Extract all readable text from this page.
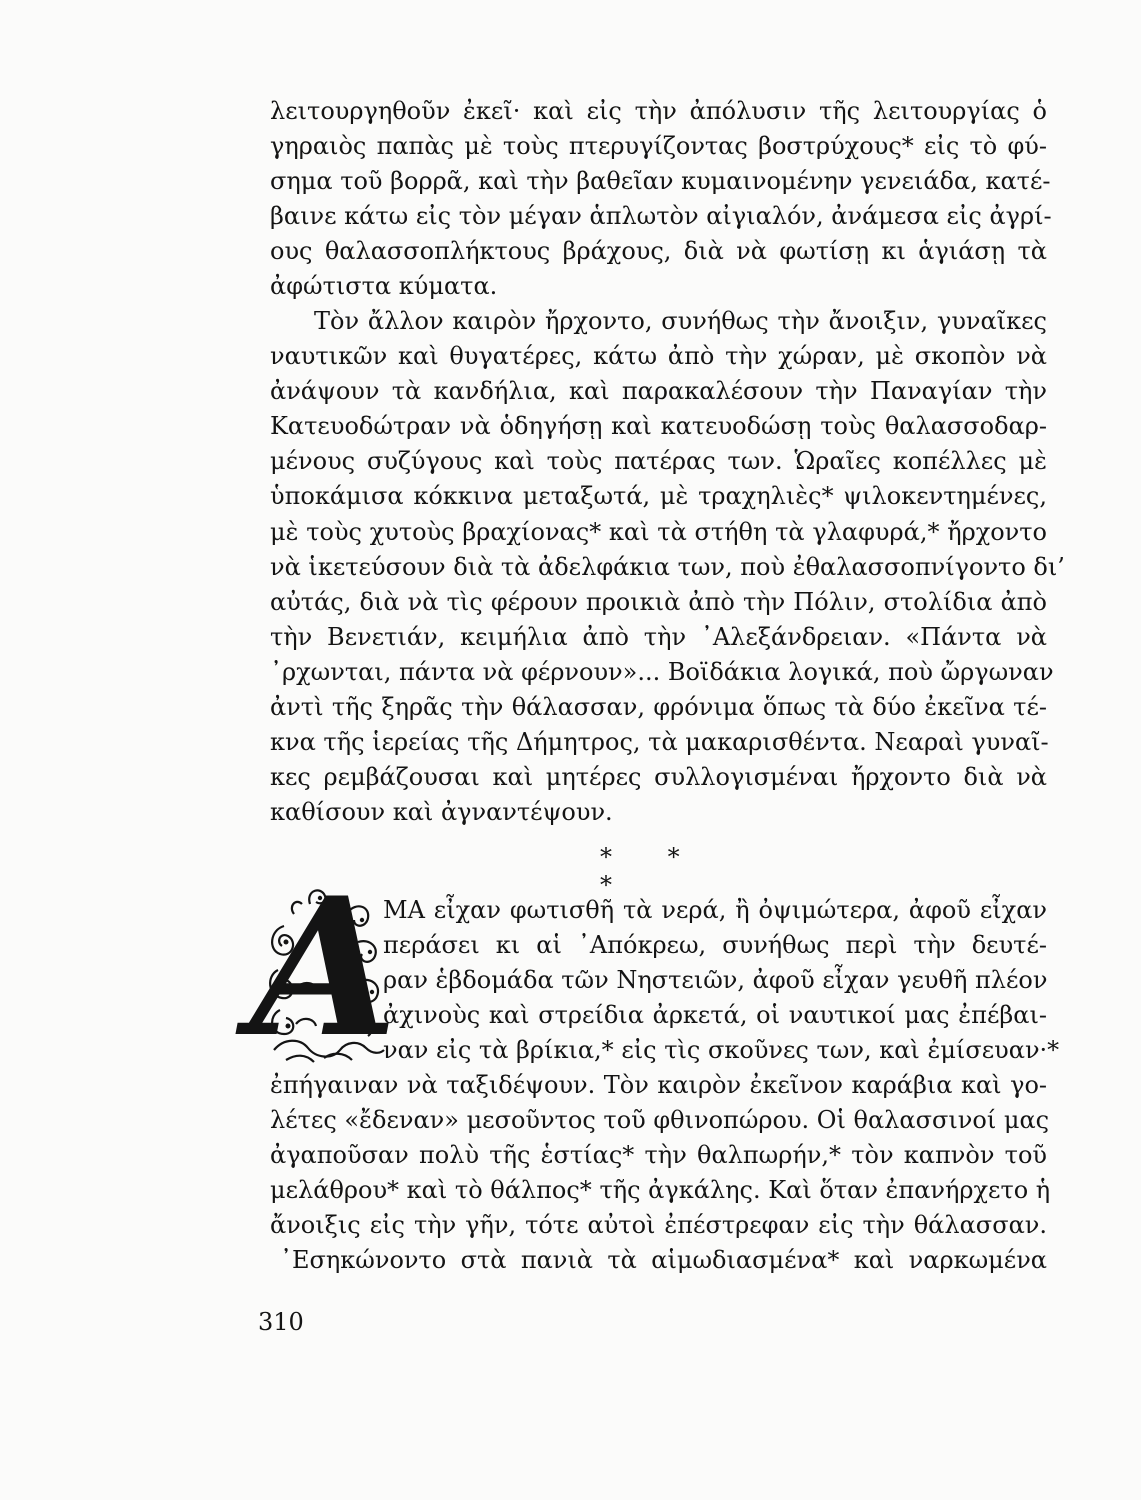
λειτουργηθοῦν ἐκεῖ· καὶ εἰς τὴν ἀπόλυσιν τῆς λειτουργίας ὁ
γηραιὸς παπὰς μὲ τοὺς πτερυγίζοντας βοστρύχους* εἰς τὸ φύ-
σημα τοῦ βορρᾶ, καὶ τὴν βαθεῖαν κυμαινομένην γενειάδα, κατέ-
βαινε κάτω εἰς τὸν μέγαν ἁπλωτὸν αἰγιαλόν, ἀνάμεσα εἰς ἀγρί-
ους θαλασσοπλήκτους βράχους, διὰ νὰ φωτίσῃ κι ἁγιάσῃ τὰ
ἀφώτιστα κύματα.
Τὸν ἄλλον καιρὸν ἤρχοντο, συνήθως τὴν ἄνοιξιν, γυναῖκες
ναυτικῶν καὶ θυγατέρες, κάτω ἀπὸ τὴν χώραν, μὲ σκοπὸν νὰ
ἀνάψουν τὰ κανδήλια, καὶ παρακαλέσουν τὴν Παναγίαν τὴν
Κατευοδώτραν νὰ ὁδηγήσῃ καὶ κατευοδώσῃ τοὺς θαλασσοδαρ-
μένους συζύγους καὶ τοὺς πατέρας των. Ὡραῖες κοπέλλες μὲ
ὑποκάμισα κόκκινα μεταξωτά, μὲ τραχηλιὲς* ψιλοκεντημένες,
μὲ τοὺς χυτοὺς βραχίονας* καὶ τὰ στήθη τὰ γλαφυρά,* ἤρχοντο
νὰ ἱκετεύσουν διὰ τὰ ἀδελφάκια των, ποὺ ἐθαλασσοπνίγοντο δι’
αὐτάς, διὰ νὰ τὶς φέρουν προικιὰ ἀπὸ τὴν Πόλιν, στολίδια ἀπὸ
τὴν Βενετιάν, κειμήλια ἀπὸ τὴν ᾿Αλεξάνδρειαν. «Πάντα νὰ
᾿ρχωνται, πάντα νὰ φέρνουν»... Βοϊδάκια λογικά, ποὺ ὤργωναν
ἀντὶ τῆς ξηρᾶς τὴν θάλασσαν, φρόνιμα ὅπως τὰ δύο ἐκεῖνα τέ-
κνα τῆς ἱερείας τῆς Δήμητρος, τὰ μακαρισθέντα. Νεαραὶ γυναῖ-
κες ρεμβάζουσαι καὶ μητέρες συλλογισμέναι ἤρχοντο διὰ νὰ
καθίσουν καὶ ἀγναντέψουν.
* * *
Α
ΜΑ εἶχαν φωτισθῆ τὰ νερά, ἢ ὀψιμώτερα, ἀφοῦ εἶχαν
περάσει κι αἱ ᾿Απόκρεω, συνήθως περὶ τὴν δευτέ-
ραν ἑβδομάδα τῶν Νηστειῶν, ἀφοῦ εἶχαν γευθῆ πλέον
ἀχινοὺς καὶ στρείδια ἀρκετά, οἱ ναυτικοί μας ἐπέβαι-
ναν εἰς τὰ βρίκια,* εἰς τὶς σκοῦνες των, καὶ ἐμίσευαν·*
ἐπήγαιναν νὰ ταξιδέψουν. Τὸν καιρὸν ἐκεῖνον καράβια καὶ γο-
λέτες «ἔδεναν» μεσοῦντος τοῦ φθινοπώρου. Οἱ θαλασσινοί μας
ἀγαποῦσαν πολὺ τῆς ἑστίας* τὴν θαλπωρήν,* τὸν καπνὸν τοῦ
μελάθρου* καὶ τὸ θάλπος* τῆς ἀγκάλης. Καὶ ὅταν ἐπανήρχετο ἡ
ἄνοιξις εἰς τὴν γῆν, τότε αὐτοὶ ἐπέστρεφαν εἰς τὴν θάλασσαν.
᾿Εσηκώνοντο στὰ πανιὰ τὰ αἱμωδιασμένα* καὶ ναρκωμένα
310
